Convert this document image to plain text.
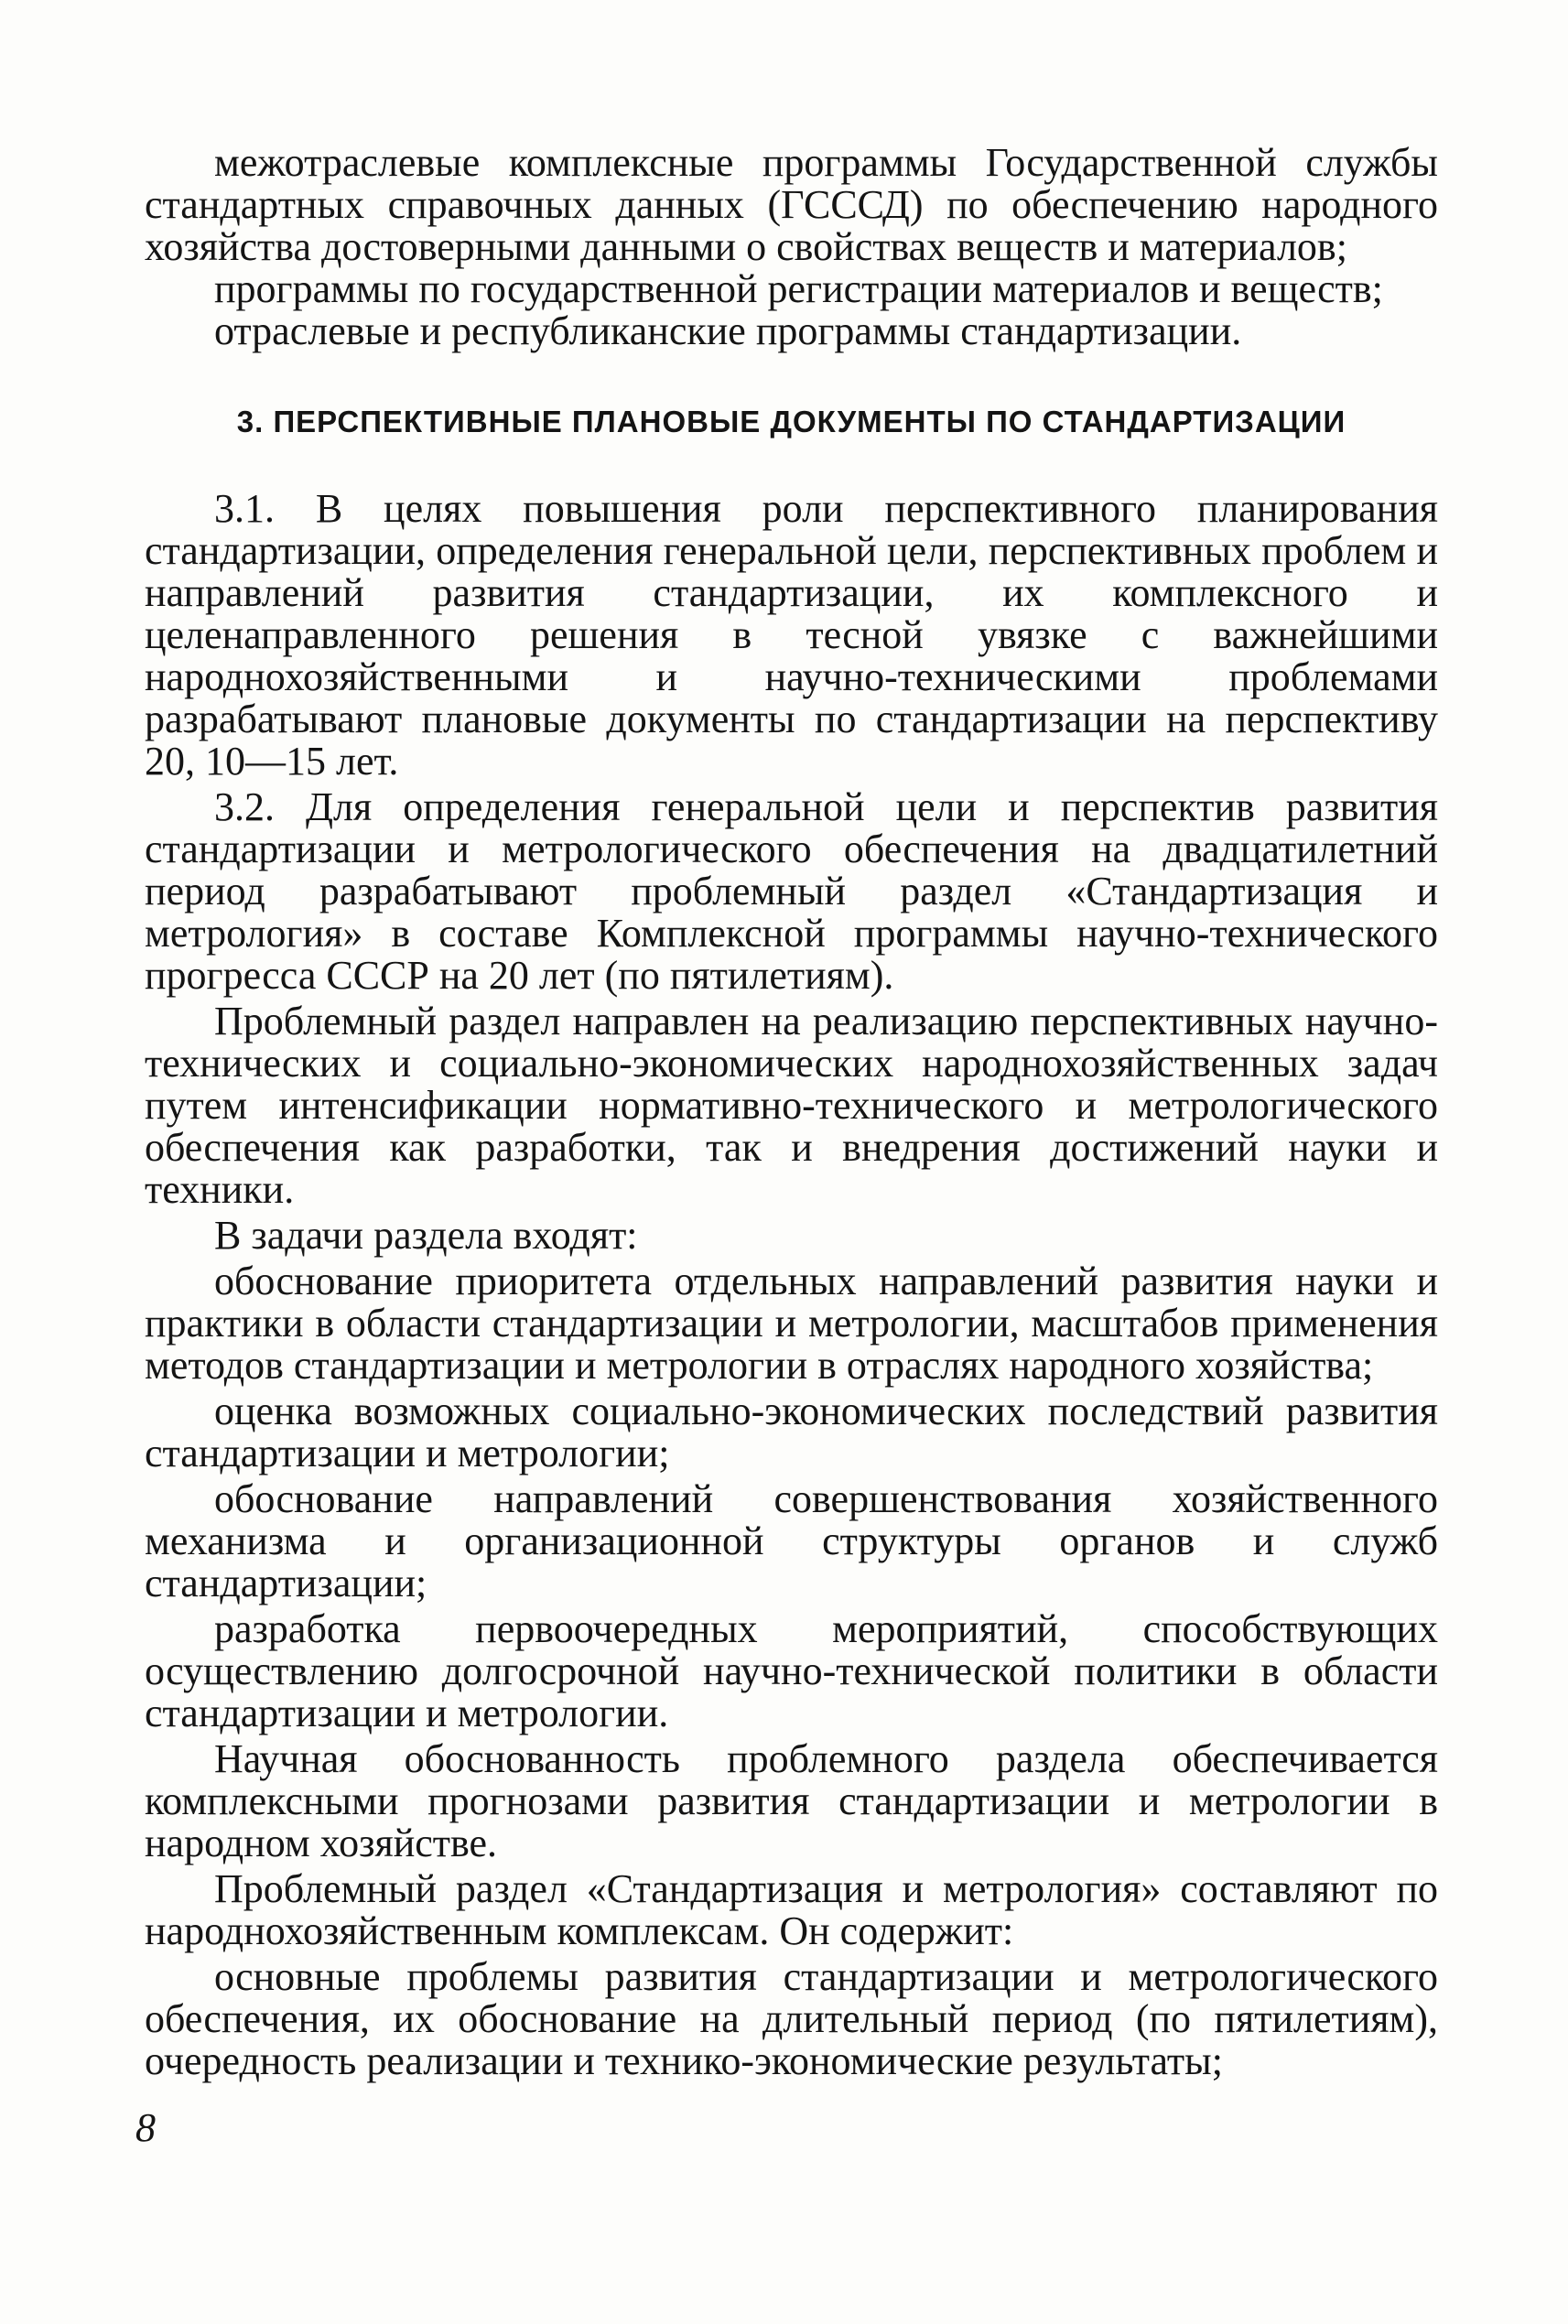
межотраслевые комплексные программы Государственной службы стандартных справочных данных (ГСССД) по обеспечению народного хозяйства достоверными данными о свойствах веществ и материалов;

программы по государственной регистрации материалов и веществ;

отраслевые и республиканские программы стандартизации.

3. ПЕРСПЕКТИВНЫЕ ПЛАНОВЫЕ ДОКУМЕНТЫ ПО СТАНДАРТИЗАЦИИ

3.1. В целях повышения роли перспективного планирования стандартизации, определения генеральной цели, перспективных проблем и направлений развития стандартизации, их комплексного и целенаправленного решения в тесной увязке с важнейшими народнохозяйственными и научно-техническими проблемами разрабатывают плановые документы по стандартизации на перспективу 20, 10—15 лет.

3.2. Для определения генеральной цели и перспектив развития стандартизации и метрологического обеспечения на двадцатилетний период разрабатывают проблемный раздел «Стандартизация и метрология» в составе Комплексной программы научно-технического прогресса СССР на 20 лет (по пятилетиям).

Проблемный раздел направлен на реализацию перспективных научно-технических и социально-экономических народнохозяйственных задач путем интенсификации нормативно-технического и метрологического обеспечения как разработки, так и внедрения достижений науки и техники.

В задачи раздела входят:

обоснование приоритета отдельных направлений развития науки и практики в области стандартизации и метрологии, масштабов применения методов стандартизации и метрологии в отраслях народного хозяйства;

оценка возможных социально-экономических последствий развития стандартизации и метрологии;

обоснование направлений совершенствования хозяйственного механизма и организационной структуры органов и служб стандартизации;

разработка первоочередных мероприятий, способствующих осуществлению долгосрочной научно-технической политики в области стандартизации и метрологии.

Научная обоснованность проблемного раздела обеспечивается комплексными прогнозами развития стандартизации и метрологии в народном хозяйстве.

Проблемный раздел «Стандартизация и метрология» составляют по народнохозяйственным комплексам. Он содержит:

основные проблемы развития стандартизации и метрологического обеспечения, их обоснование на длительный период (по пятилетиям), очередность реализации и технико-экономические результаты;

8
